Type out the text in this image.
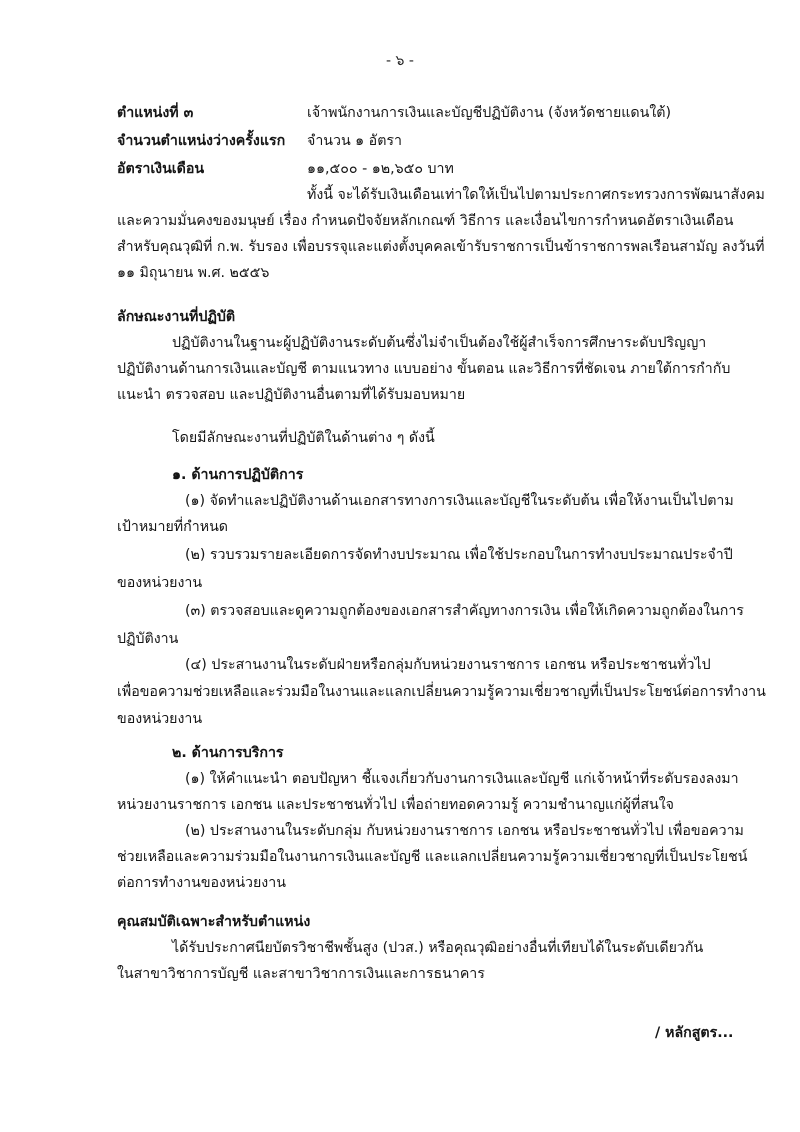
- ๖ -
ตำแหน่งที่ ๓	เจ้าพนักงานการเงินและบัญชีปฏิบัติงาน (จังหวัดชายแดนใต้)
จำนวนตำแหน่งว่างครั้งแรก จำนวน ๑ อัตรา
อัตราเงินเดือน	๑๑,๕๐๐ - ๑๒,๖๕๐ บาท
ทั้งนี้ จะได้รับเงินเดือนเท่าใดให้เป็นไปตามประกาศกระทรวงการพัฒนาสังคม
และความมั่นคงของมนุษย์ เรื่อง กำหนดปัจจัยหลักเกณฑ์ วิธีการ และเงื่อนไขการกำหนดอัตราเงินเดือน
สำหรับคุณวุฒิที่ ก.พ. รับรอง เพื่อบรรจุและแต่งตั้งบุคคลเข้ารับราชการเป็นข้าราชการพลเรือนสามัญ ลงวันที่
๑๑ มิถุนายน พ.ศ. ๒๕๕๖
ลักษณะงานที่ปฏิบัติ
ปฏิบัติงานในฐานะผู้ปฏิบัติงานระดับต้นซึ่งไม่จำเป็นต้องใช้ผู้สำเร็จการศึกษาระดับปริญญา
ปฏิบัติงานด้านการเงินและบัญชี ตามแนวทาง แบบอย่าง ขั้นตอน และวิธีการที่ชัดเจน ภายใต้การกำกับ
แนะนำ ตรวจสอบ และปฏิบัติงานอื่นตามที่ได้รับมอบหมาย
โดยมีลักษณะงานที่ปฏิบัติในด้านต่าง ๆ ดังนี้
๑. ด้านการปฏิบัติการ
(๑) จัดทำและปฏิบัติงานด้านเอกสารทางการเงินและบัญชีในระดับต้น เพื่อให้งานเป็นไปตาม
เป้าหมายที่กำหนด
(๒) รวบรวมรายละเอียดการจัดทำงบประมาณ เพื่อใช้ประกอบในการทำงบประมาณประจำปี
ของหน่วยงาน
(๓) ตรวจสอบและดูความถูกต้องของเอกสารสำคัญทางการเงิน เพื่อให้เกิดความถูกต้องในการ
ปฏิบัติงาน
(๔) ประสานงานในระดับฝ่ายหรือกลุ่มกับหน่วยงานราชการ เอกชน หรือประชาชนทั่วไป
เพื่อขอความช่วยเหลือและร่วมมือในงานและแลกเปลี่ยนความรู้ความเชี่ยวชาญที่เป็นประโยชน์ต่อการทำงาน
ของหน่วยงาน
๒. ด้านการบริการ
(๑) ให้คำแนะนำ ตอบปัญหา ชี้แจงเกี่ยวกับงานการเงินและบัญชี แก่เจ้าหน้าที่ระดับรองลงมา
หน่วยงานราชการ เอกชน และประชาชนทั่วไป เพื่อถ่ายทอดความรู้ ความชำนาญแก่ผู้ที่สนใจ
(๒) ประสานงานในระดับกลุ่ม กับหน่วยงานราชการ เอกชน หรือประชาชนทั่วไป เพื่อขอความ
ช่วยเหลือและความร่วมมือในงานการเงินและบัญชี และแลกเปลี่ยนความรู้ความเชี่ยวชาญที่เป็นประโยชน์
ต่อการทำงานของหน่วยงาน
คุณสมบัติเฉพาะสำหรับตำแหน่ง
ได้รับประกาศนียบัตรวิชาชีพชั้นสูง (ปวส.) หรือคุณวุฒิอย่างอื่นที่เทียบได้ในระดับเดียวกัน
ในสาขาวิชาการบัญชี และสาขาวิชาการเงินและการธนาคาร
/ หลักสูตร...
